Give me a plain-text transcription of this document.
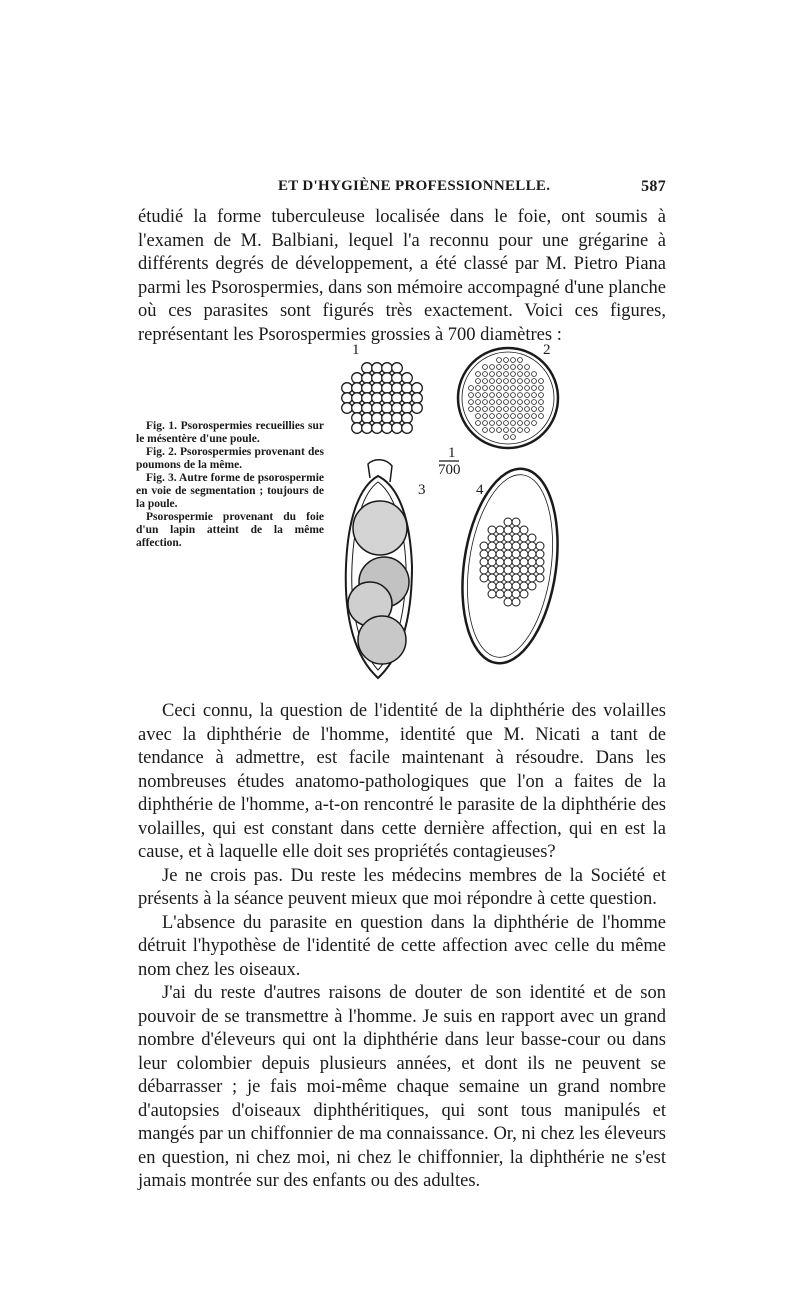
ET D'HYGIÈNE PROFESSIONNELLE.	587

étudié la forme tuberculeuse localisée dans le foie, ont soumis à l'examen de M. Balbiani, lequel l'a reconnu pour une grégarine à différents degrés de développement, a été classé par M. Pietro Piana parmi les Psorospermies, dans son mémoire accompagné d'une planche où ces parasites sont figurés très exactement. Voici ces figures, représentant les Psorospermies grossies à 700 diamètres :

Fig. 1. Psorospermies recueillies sur le mésentère d'une poule.

Fig. 2. Psorospermies provenant des poumons de la même.

Fig. 3. Autre forme de psorospermie en voie de segmentation ; toujours de la poule.

Psorospermie provenant du foie d'un lapin atteint de la même affection.

1	2
3	4
1
700

Ceci connu, la question de l'identité de la diphthérie des volailles avec la diphthérie de l'homme, identité que M. Nicati a tant de tendance à admettre, est facile maintenant à résoudre. Dans les nombreuses études anatomo-pathologiques que l'on a faites de la diphthérie de l'homme, a-t-on rencontré le parasite de la diphthérie des volailles, qui est constant dans cette dernière affection, qui en est la cause, et à laquelle elle doit ses propriétés contagieuses?

Je ne crois pas. Du reste les médecins membres de la Société et présents à la séance peuvent mieux que moi répondre à cette question.

L'absence du parasite en question dans la diphthérie de l'homme détruit l'hypothèse de l'identité de cette affection avec celle du même nom chez les oiseaux.

J'ai du reste d'autres raisons de douter de son identité et de son pouvoir de se transmettre à l'homme. Je suis en rapport avec un grand nombre d'éleveurs qui ont la diphthérie dans leur basse-cour ou dans leur colombier depuis plusieurs années, et dont ils ne peuvent se débarrasser ; je fais moi-même chaque semaine un grand nombre d'autopsies d'oiseaux diphthéritiques, qui sont tous manipulés et mangés par un chiffonnier de ma connaissance. Or, ni chez les éleveurs en question, ni chez moi, ni chez le chiffonnier, la diphthérie ne s'est jamais montrée sur des enfants ou des adultes.
